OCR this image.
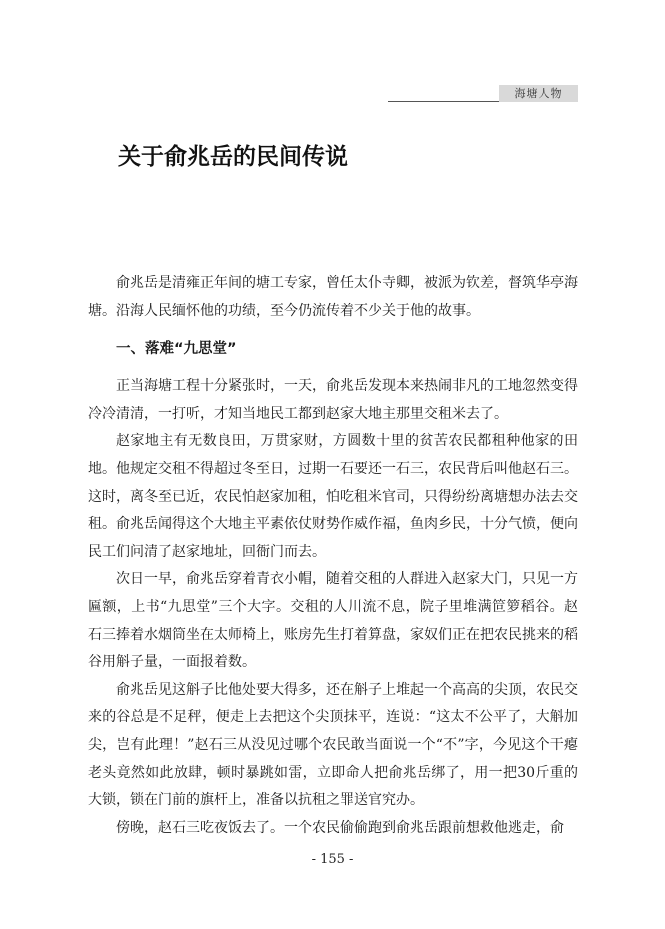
海塘人物
关于俞兆岳的民间传说

俞兆岳是清雍正年间的塘工专家，曾任太仆寺卿，被派为钦差，督筑华亭海塘。沿海人民缅怀他的功绩，至今仍流传着不少关于他的故事。

一、落难“九思堂”

正当海塘工程十分紧张时，一天，俞兆岳发现本来热闹非凡的工地忽然变得冷冷清清，一打听，才知当地民工都到赵家大地主那里交租米去了。

赵家地主有无数良田，万贯家财，方圆数十里的贫苦农民都租种他家的田地。他规定交租不得超过冬至日，过期一石要还一石三，农民背后叫他赵石三。这时，离冬至已近，农民怕赵家加租，怕吃租米官司，只得纷纷离塘想办法去交租。俞兆岳闻得这个大地主平素依仗财势作威作福，鱼肉乡民，十分气愤，便向民工们问清了赵家地址，回衙门而去。

次日一早，俞兆岳穿着青衣小帽，随着交租的人群进入赵家大门，只见一方匾额，上书“九思堂”三个大字。交租的人川流不息，院子里堆满笸箩稻谷。赵石三捧着水烟筒坐在太师椅上，账房先生打着算盘，家奴们正在把农民挑来的稻谷用斛子量，一面报着数。

俞兆岳见这斛子比他处要大得多，还在斛子上堆起一个高高的尖顶，农民交来的谷总是不足秤，便走上去把这个尖顶抹平，连说：“这太不公平了，大斛加尖，岂有此理！”赵石三从没见过哪个农民敢当面说一个“不”字，今见这个干瘪老头竟然如此放肆，顿时暴跳如雷，立即命人把俞兆岳绑了，用一把30斤重的大锁，锁在门前的旗杆上，准备以抗租之罪送官究办。

傍晚，赵石三吃夜饭去了。一个农民偷偷跑到俞兆岳跟前想救他逃走，俞

- 155 -
